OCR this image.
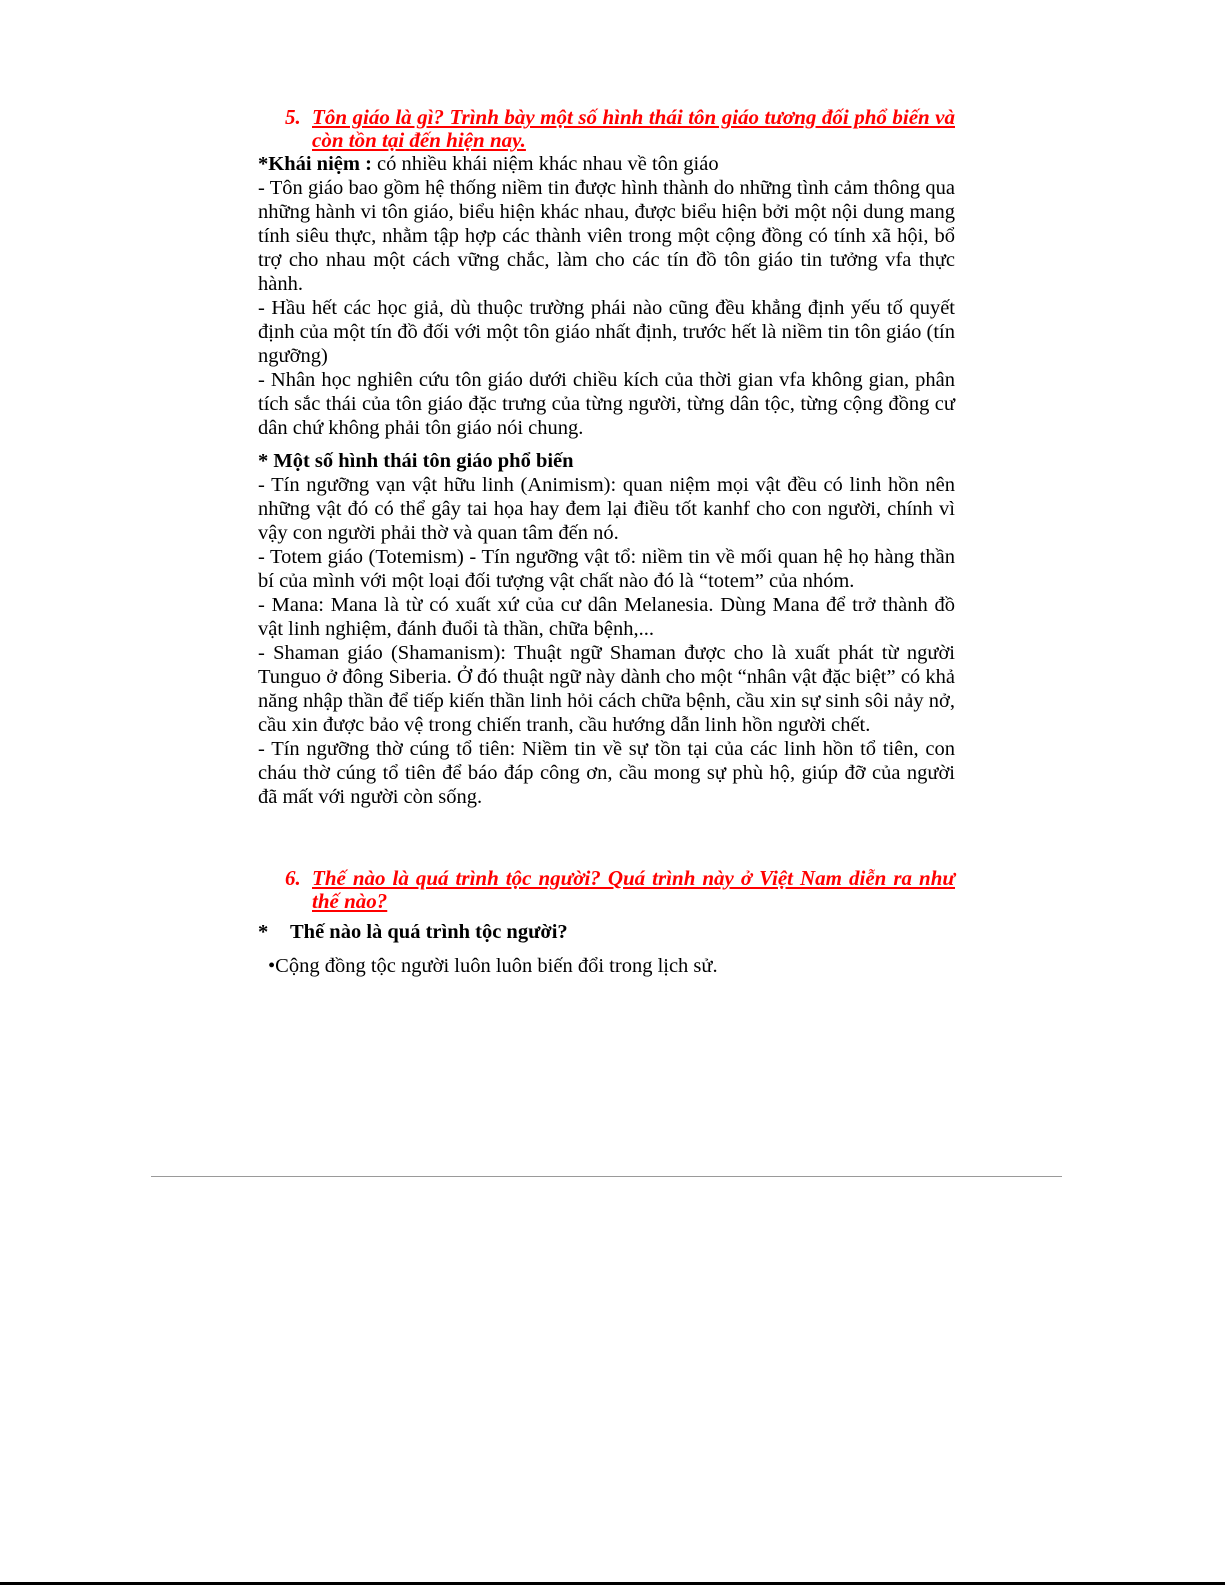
5. Tôn giáo là gì? Trình bày một số hình thái tôn giáo tương đối phổ biến và còn tồn tại đến hiện nay.

*Khái niệm : có nhiều khái niệm khác nhau về tôn giáo

- Tôn giáo bao gồm hệ thống niềm tin được hình thành do những tình cảm thông qua những hành vi tôn giáo, biểu hiện khác nhau, được biểu hiện bởi một nội dung mang tính siêu thực, nhằm tập hợp các thành viên trong một cộng đồng có tính xã hội, bổ trợ cho nhau một cách vững chắc, làm cho các tín đồ tôn giáo tin tưởng vfa thực hành.

- Hầu hết các học giả, dù thuộc trường phái nào cũng đều khẳng định yếu tố quyết định của một tín đồ đối với một tôn giáo nhất định, trước hết là niềm tin tôn giáo (tín ngưỡng)

- Nhân học nghiên cứu tôn giáo dưới chiều kích của thời gian vfa không gian, phân tích sắc thái của tôn giáo đặc trưng của từng người, từng dân tộc, từng cộng đồng cư dân chứ không phải tôn giáo nói chung.

* Một số hình thái tôn giáo phổ biến

- Tín ngưỡng vạn vật hữu linh (Animism): quan niệm mọi vật đều có linh hồn nên những vật đó có thể gây tai họa hay đem lại điều tốt kanhf cho con người, chính vì vậy con người phải thờ và quan tâm đến nó.

- Totem giáo (Totemism) - Tín ngưỡng vật tổ: niềm tin về mối quan hệ họ hàng thần bí của mình với một loại đối tượng vật chất nào đó là “totem” của nhóm.

- Mana: Mana là từ có xuất xứ của cư dân Melanesia. Dùng Mana để trở thành đồ vật linh nghiệm, đánh đuổi tà thần, chữa bệnh,...

- Shaman giáo (Shamanism): Thuật ngữ Shaman được cho là xuất phát từ người Tunguo ở đông Siberia. Ở đó thuật ngữ này dành cho một “nhân vật đặc biệt” có khả năng nhập thần để tiếp kiến thần linh hỏi cách chữa bệnh, cầu xin sự sinh sôi nảy nở, cầu xin được bảo vệ trong chiến tranh, cầu hướng dẫn linh hồn người chết.

- Tín ngưỡng thờ cúng tổ tiên: Niềm tin về sự tồn tại của các linh hồn tổ tiên, con cháu thờ cúng tổ tiên để báo đáp công ơn, cầu mong sự phù hộ, giúp đỡ của người đã mất với người còn sống.

6. Thế nào là quá trình tộc người? Quá trình này ở Việt Nam diễn ra như thế nào?
*	Thế nào là quá trình tộc người?
•Cộng đồng tộc người luôn luôn biến đổi trong lịch sử.
